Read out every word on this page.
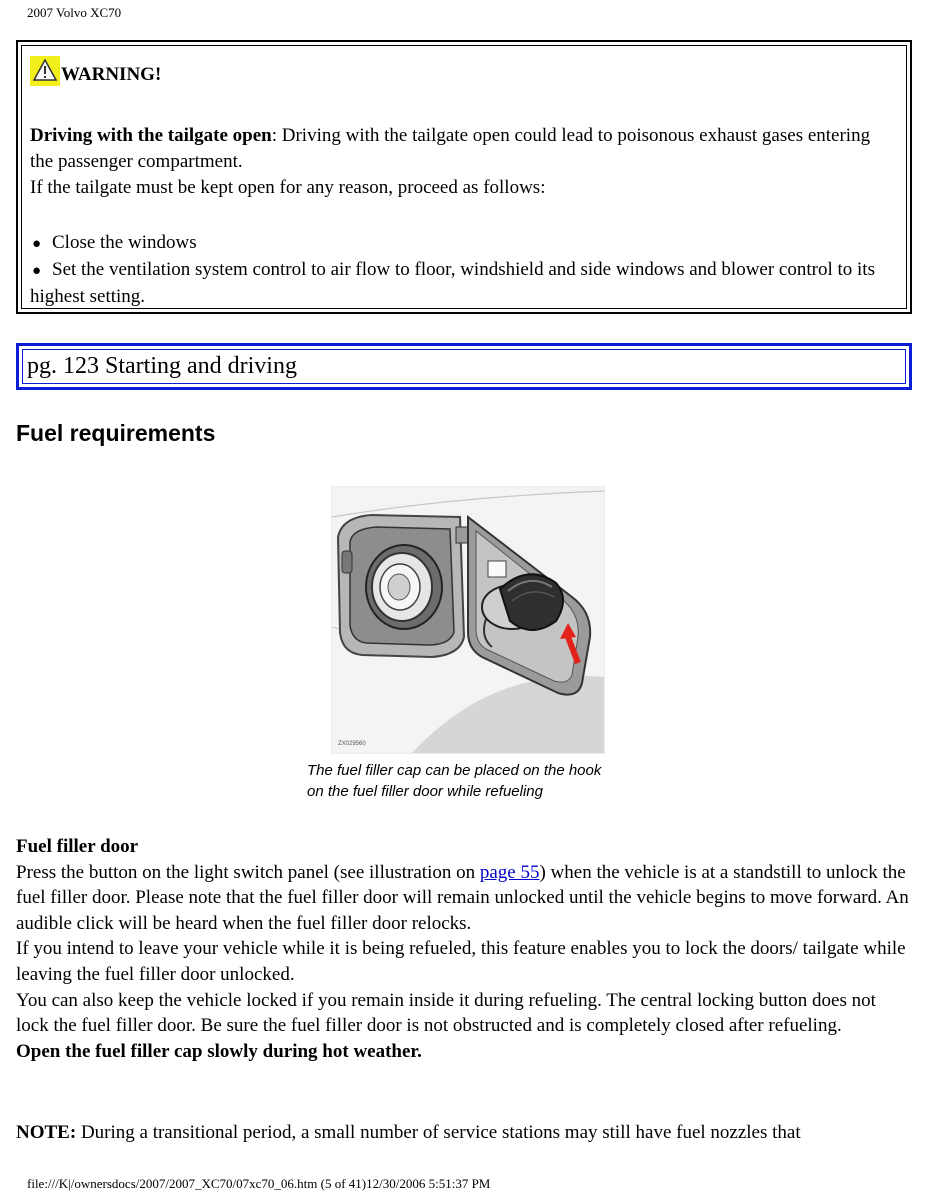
2007 Volvo XC70
WARNING!

Driving with the tailgate open: Driving with the tailgate open could lead to poisonous exhaust gases entering the passenger compartment.

If the tailgate must be kept open for any reason, proceed as follows:

● Close the windows

● Set the ventilation system control to air flow to floor, windshield and side windows and blower control to its highest setting.

pg. 123 Starting and driving
Fuel requirements
ZX029560
The fuel filler cap can be placed on the hook
on the fuel filler door while refueling

Fuel filler door

Press the button on the light switch panel (see illustration on page 55) when the vehicle is at a standstill to unlock the fuel filler door. Please note that the fuel filler door will remain unlocked until the vehicle begins to move forward. An audible click will be heard when the fuel filler door relocks.

If you intend to leave your vehicle while it is being refueled, this feature enables you to lock the doors/ tailgate while leaving the fuel filler door unlocked.

You can also keep the vehicle locked if you remain inside it during refueling. The central locking button does not lock the fuel filler door. Be sure the fuel filler door is not obstructed and is completely closed after refueling.

Open the fuel filler cap slowly during hot weather.

NOTE: During a transitional period, a small number of service stations may still have fuel nozzles that

file:///K|/ownersdocs/2007/2007_XC70/07xc70_06.htm (5 of 41)12/30/2006 5:51:37 PM
